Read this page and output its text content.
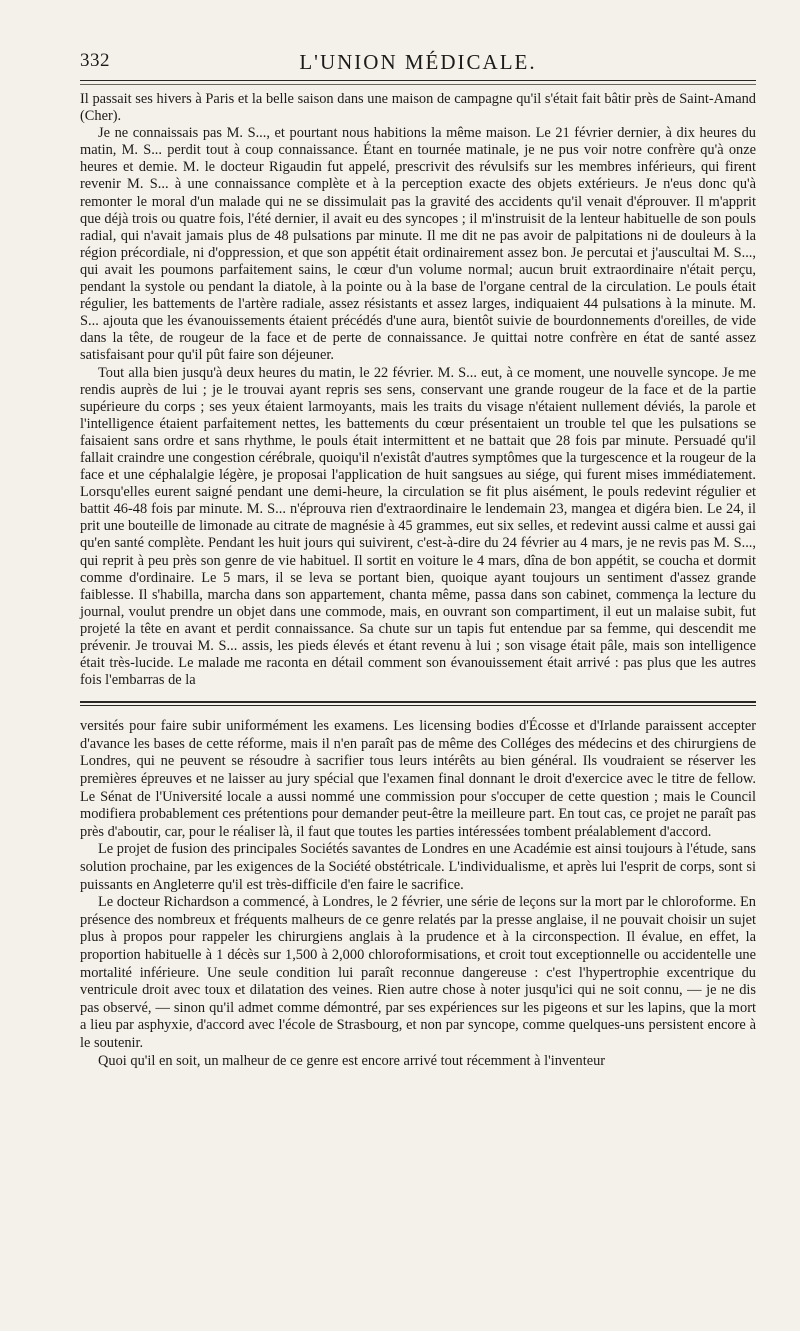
332	L'UNION MÉDICALE.

Il passait ses hivers à Paris et la belle saison dans une maison de campagne qu'il s'était fait bâtir près de Saint-Amand (Cher).

Je ne connaissais pas M. S..., et pourtant nous habitions la même maison. Le 21 février dernier, à dix heures du matin, M. S... perdit tout à coup connaissance. Étant en tournée matinale, je ne pus voir notre confrère qu'à onze heures et demie. M. le docteur Rigaudin fut appelé, prescrivit des révulsifs sur les membres inférieurs, qui firent revenir M. S... à une connaissance complète et à la perception exacte des objets extérieurs. Je n'eus donc qu'à remonter le moral d'un malade qui ne se dissimulait pas la gravité des accidents qu'il venait d'éprouver. Il m'apprit que déjà trois ou quatre fois, l'été dernier, il avait eu des syncopes ; il m'instruisit de la lenteur habituelle de son pouls radial, qui n'avait jamais plus de 48 pulsations par minute. Il me dit ne pas avoir de palpitations ni de douleurs à la région précordiale, ni d'oppression, et que son appétit était ordinairement assez bon. Je percutai et j'auscultai M. S..., qui avait les poumons parfaitement sains, le cœur d'un volume normal; aucun bruit extraordinaire n'était perçu, pendant la systole ou pendant la diatole, à la pointe ou à la base de l'organe central de la circulation. Le pouls était régulier, les battements de l'artère radiale, assez résistants et assez larges, indiquaient 44 pulsations à la minute. M. S... ajouta que les évanouissements étaient précédés d'une aura, bientôt suivie de bourdonnements d'oreilles, de vide dans la tête, de rougeur de la face et de perte de connaissance. Je quittai notre confrère en état de santé assez satisfaisant pour qu'il pût faire son déjeuner.

Tout alla bien jusqu'à deux heures du matin, le 22 février. M. S... eut, à ce moment, une nouvelle syncope. Je me rendis auprès de lui ; je le trouvai ayant repris ses sens, conservant une grande rougeur de la face et de la partie supérieure du corps ; ses yeux étaient larmoyants, mais les traits du visage n'étaient nullement déviés, la parole et l'intelligence étaient parfaitement nettes, les battements du cœur présentaient un trouble tel que les pulsations se faisaient sans ordre et sans rhythme, le pouls était intermittent et ne battait que 28 fois par minute. Persuadé qu'il fallait craindre une congestion cérébrale, quoiqu'il n'existât d'autres symptômes que la turgescence et la rougeur de la face et une céphalalgie légère, je proposai l'application de huit sangsues au siége, qui furent mises immédiatement. Lorsqu'elles eurent saigné pendant une demi-heure, la circulation se fit plus aisément, le pouls redevint régulier et battit 46-48 fois par minute. M. S... n'éprouva rien d'extraordinaire le lendemain 23, mangea et digéra bien. Le 24, il prit une bouteille de limonade au citrate de magnésie à 45 grammes, eut six selles, et redevint aussi calme et aussi gai qu'en santé complète. Pendant les huit jours qui suivirent, c'est-à-dire du 24 février au 4 mars, je ne revis pas M. S..., qui reprit à peu près son genre de vie habituel. Il sortit en voiture le 4 mars, dîna de bon appétit, se coucha et dormit comme d'ordinaire. Le 5 mars, il se leva se portant bien, quoique ayant toujours un sentiment d'assez grande faiblesse. Il s'habilla, marcha dans son appartement, chanta même, passa dans son cabinet, commença la lecture du journal, voulut prendre un objet dans une commode, mais, en ouvrant son compartiment, il eut un malaise subit, fut projeté la tête en avant et perdit connaissance. Sa chute sur un tapis fut entendue par sa femme, qui descendit me prévenir. Je trouvai M. S... assis, les pieds élevés et étant revenu à lui ; son visage était pâle, mais son intelligence était très-lucide. Le malade me raconta en détail comment son évanouissement était arrivé : pas plus que les autres fois l'embarras de la

versités pour faire subir uniformément les examens. Les licensing bodies d'Écosse et d'Irlande paraissent accepter d'avance les bases de cette réforme, mais il n'en paraît pas de même des Colléges des médecins et des chirurgiens de Londres, qui ne peuvent se résoudre à sacrifier tous leurs intérêts au bien général. Ils voudraient se réserver les premières épreuves et ne laisser au jury spécial que l'examen final donnant le droit d'exercice avec le titre de fellow. Le Sénat de l'Université locale a aussi nommé une commission pour s'occuper de cette question ; mais le Council modifiera probablement ces prétentions pour demander peut-être la meilleure part. En tout cas, ce projet ne paraît pas près d'aboutir, car, pour le réaliser là, il faut que toutes les parties intéressées tombent préalablement d'accord.

Le projet de fusion des principales Sociétés savantes de Londres en une Académie est ainsi toujours à l'étude, sans solution prochaine, par les exigences de la Société obstétricale. L'individualisme, et après lui l'esprit de corps, sont si puissants en Angleterre qu'il est très-difficile d'en faire le sacrifice.

Le docteur Richardson a commencé, à Londres, le 2 février, une série de leçons sur la mort par le chloroforme. En présence des nombreux et fréquents malheurs de ce genre relatés par la presse anglaise, il ne pouvait choisir un sujet plus à propos pour rappeler les chirurgiens anglais à la prudence et à la circonspection. Il évalue, en effet, la proportion habituelle à 1 décès sur 1,500 à 2,000 chloroformisations, et croit tout exceptionnelle ou accidentelle une mortalité inférieure. Une seule condition lui paraît reconnue dangereuse : c'est l'hypertrophie excentrique du ventricule droit avec toux et dilatation des veines. Rien autre chose à noter jusqu'ici qui ne soit connu, — je ne dis pas observé, — sinon qu'il admet comme démontré, par ses expériences sur les pigeons et sur les lapins, que la mort a lieu par asphyxie, d'accord avec l'école de Strasbourg, et non par syncope, comme quelques-uns persistent encore à le soutenir.

Quoi qu'il en soit, un malheur de ce genre est encore arrivé tout récemment à l'inventeur
